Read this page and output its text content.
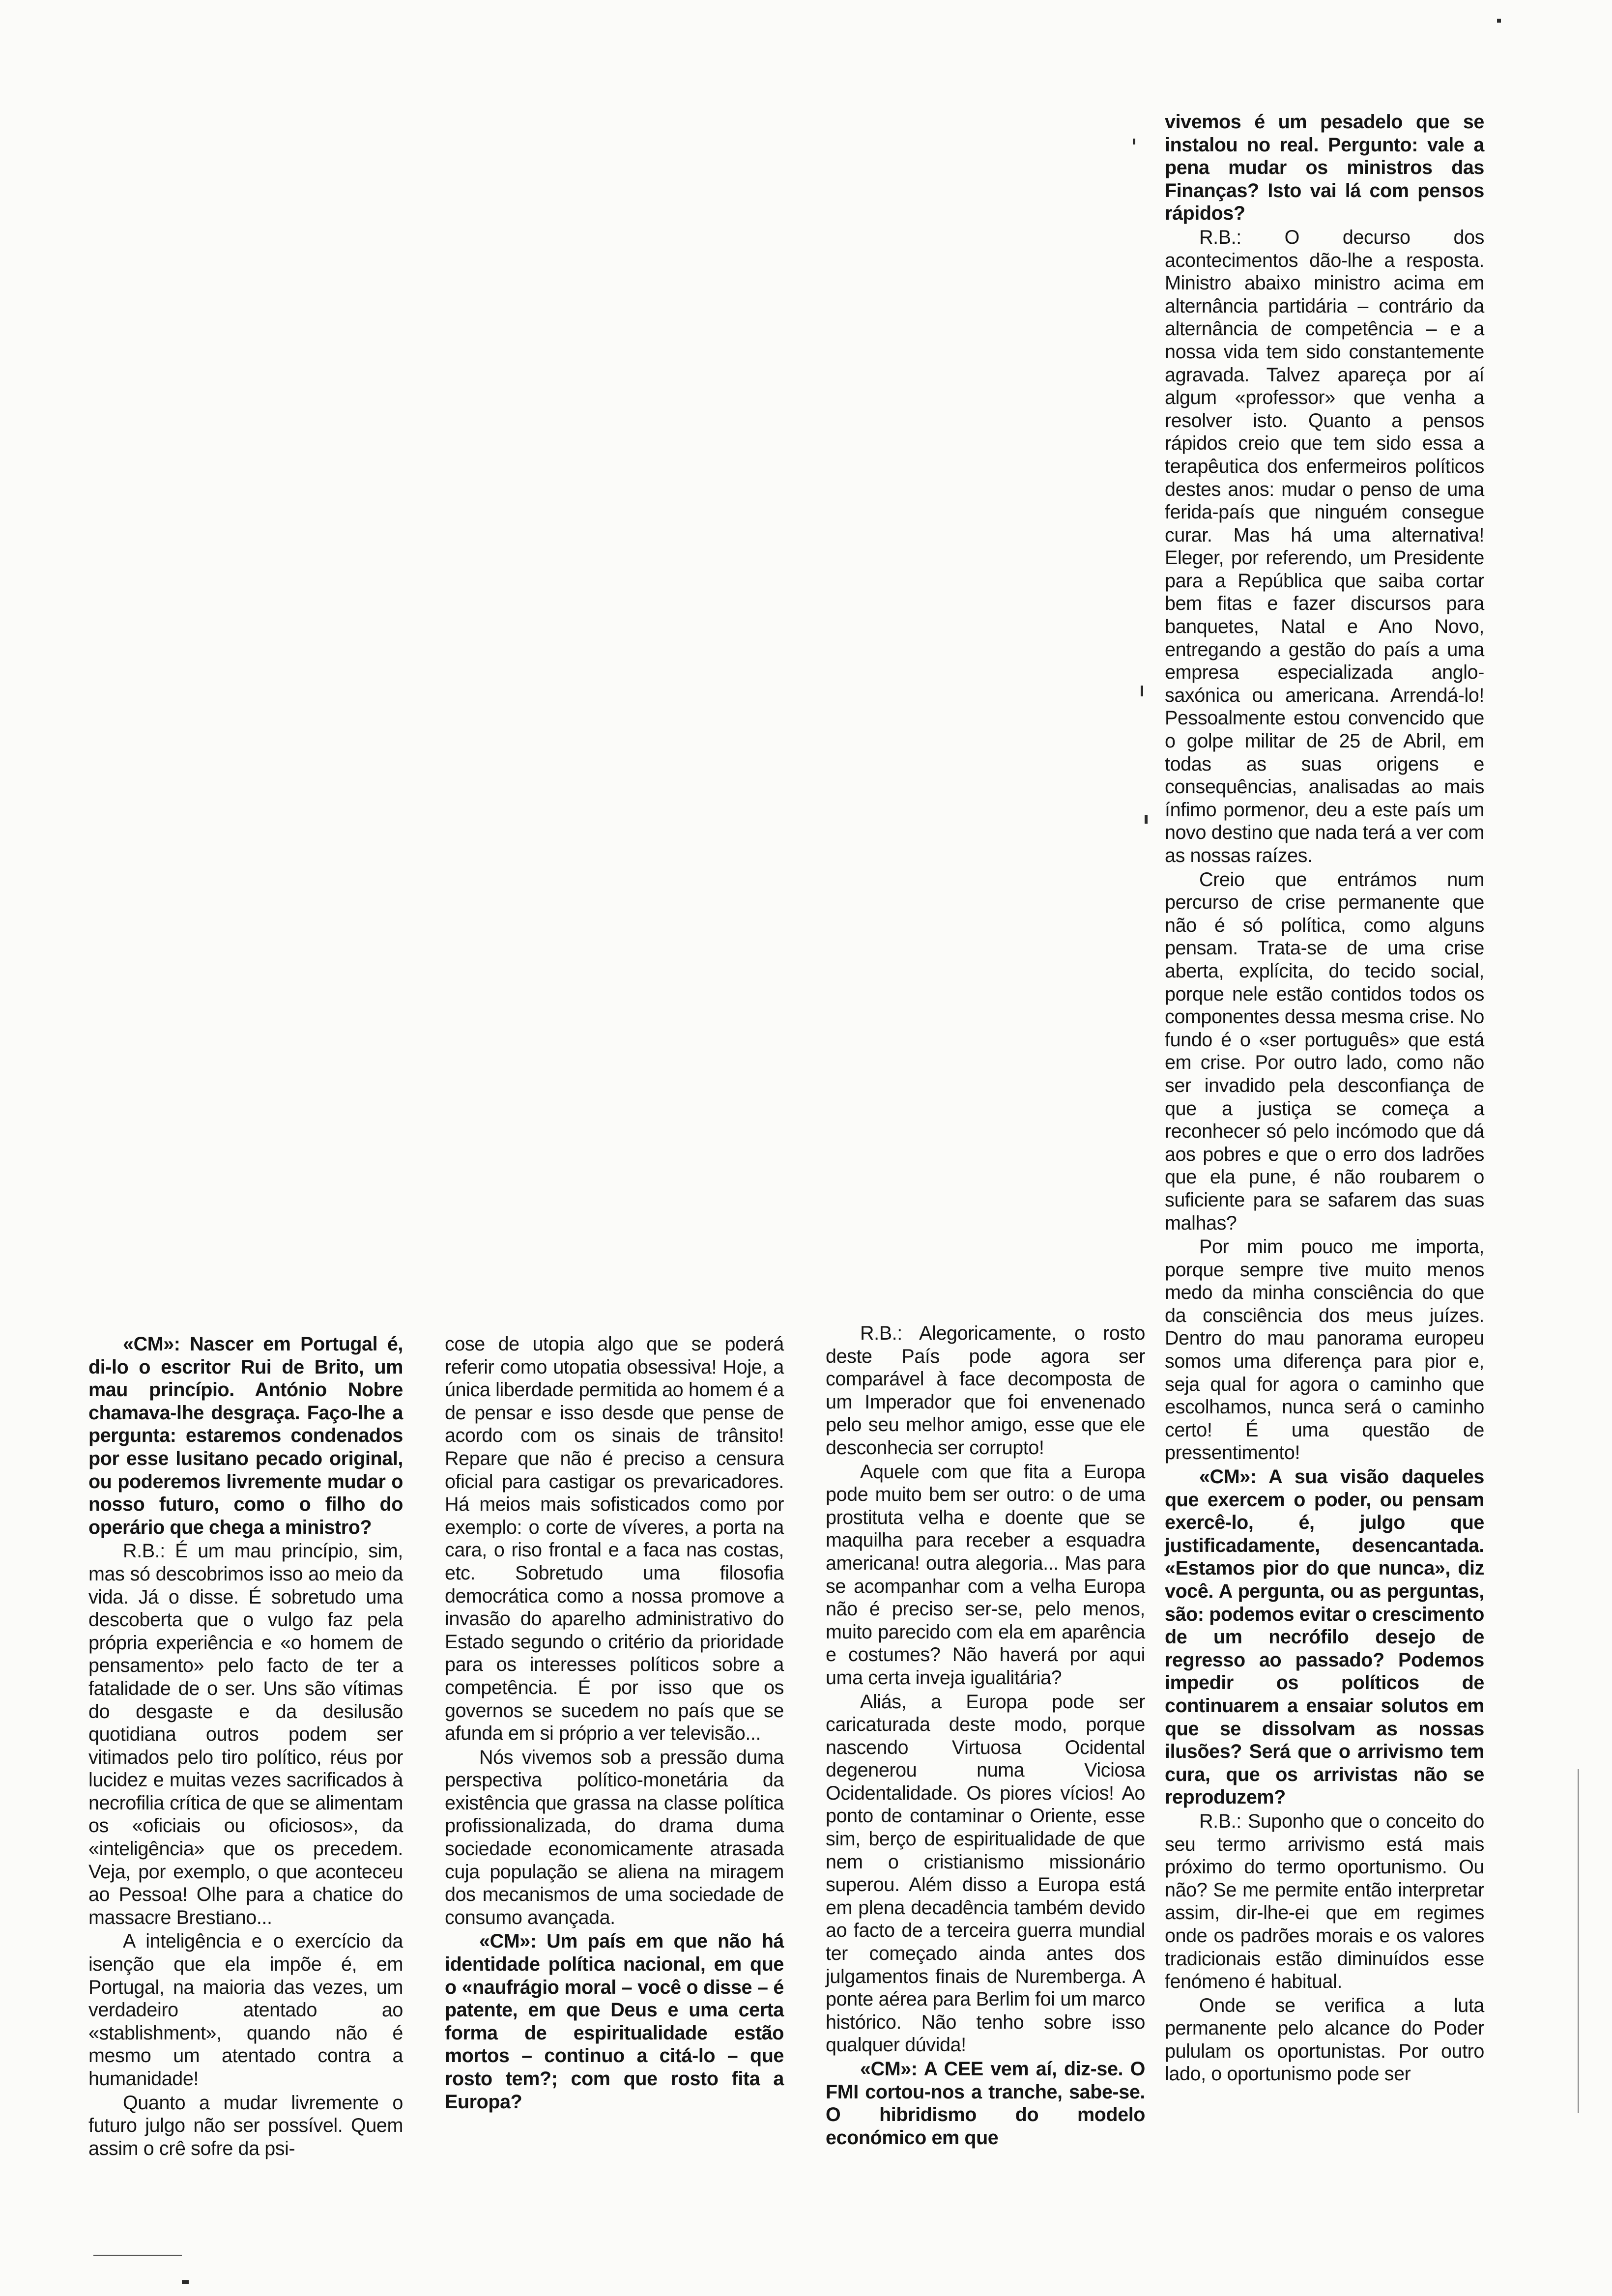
«CM»: Nascer em Portugal é, di-lo o escritor Rui de Brito, um mau princípio. António Nobre chamava-lhe desgraça. Faço-lhe a pergunta: estaremos condenados por esse lusitano pecado original, ou poderemos livremente mudar o nosso futuro, como o filho do operário que chega a ministro?

R.B.: É um mau princípio, sim, mas só descobrimos isso ao meio da vida. Já o disse. É sobretudo uma descoberta que o vulgo faz pela própria experiência e «o homem de pensamento» pelo facto de ter a fatalidade de o ser. Uns são vítimas do desgaste e da desilusão quotidiana outros podem ser vitimados pelo tiro político, réus por lucidez e muitas vezes sacrificados à necrofilia crítica de que se alimentam os «oficiais ou oficiosos», da «inteligência» que os precedem. Veja, por exemplo, o que aconteceu ao Pessoa! Olhe para a chatice do massacre Brestiano...

A inteligência e o exercício da isenção que ela impõe é, em Portugal, na maioria das vezes, um verdadeiro atentado ao «stablishment», quando não é mesmo um atentado contra a humanidade!

Quanto a mudar livremente o futuro julgo não ser possível. Quem assim o crê sofre da psi-

cose de utopia algo que se poderá referir como utopatia obsessiva! Hoje, a única liberdade permitida ao homem é a de pensar e isso desde que pense de acordo com os sinais de trânsito! Repare que não é preciso a censura oficial para castigar os prevaricadores. Há meios mais sofisticados como por exemplo: o corte de víveres, a porta na cara, o riso frontal e a faca nas costas, etc. Sobretudo uma filosofia democrática como a nossa promove a invasão do aparelho administrativo do Estado segundo o critério da prioridade para os interesses políticos sobre a competência. É por isso que os governos se sucedem no país que se afunda em si próprio a ver televisão...

Nós vivemos sob a pressão duma perspectiva político-monetária da existência que grassa na classe política profissionalizada, do drama duma sociedade economicamente atrasada cuja população se aliena na miragem dos mecanismos de uma sociedade de consumo avançada.

«CM»: Um país em que não há identidade política nacional, em que o «naufrágio moral – você o disse – é patente, em que Deus e uma certa forma de espiritualidade estão mortos – continuo a citá-lo – que rosto tem?; com que rosto fita a Europa?

R.B.: Alegoricamente, o rosto deste País pode agora ser comparável à face decomposta de um Imperador que foi envenenado pelo seu melhor amigo, esse que ele desconhecia ser corrupto!

Aquele com que fita a Europa pode muito bem ser outro: o de uma prostituta velha e doente que se maquilha para receber a esquadra americana! outra alegoria... Mas para se acompanhar com a velha Europa não é preciso ser-se, pelo menos, muito parecido com ela em aparência e costumes? Não haverá por aqui uma certa inveja igualitária?

Aliás, a Europa pode ser caricaturada deste modo, porque nascendo Virtuosa Ocidental degenerou numa Viciosa Ocidentalidade. Os piores vícios! Ao ponto de contaminar o Oriente, esse sim, berço de espiritualidade de que nem o cristianismo missionário superou. Além disso a Europa está em plena decadência também devido ao facto de a terceira guerra mundial ter começado ainda antes dos julgamentos finais de Nuremberga. A ponte aérea para Berlim foi um marco histórico. Não tenho sobre isso qualquer dúvida!

«CM»: A CEE vem aí, diz-se. O FMI cortou-nos a tranche, sabe-se. O hibridismo do modelo económico em que

vivemos é um pesadelo que se instalou no real. Pergunto: vale a pena mudar os ministros das Finanças? Isto vai lá com pensos rápidos?

R.B.: O decurso dos acontecimentos dão-lhe a resposta. Ministro abaixo ministro acima em alternância partidária – contrário da alternância de competência – e a nossa vida tem sido constantemente agravada. Talvez apareça por aí algum «professor» que venha a resolver isto. Quanto a pensos rápidos creio que tem sido essa a terapêutica dos enfermeiros políticos destes anos: mudar o penso de uma ferida-país que ninguém consegue curar. Mas há uma alternativa! Eleger, por referendo, um Presidente para a República que saiba cortar bem fitas e fazer discursos para banquetes, Natal e Ano Novo, entregando a gestão do país a uma empresa especializada anglo-saxónica ou americana. Arrendá-lo! Pessoalmente estou convencido que o golpe militar de 25 de Abril, em todas as suas origens e consequências, analisadas ao mais ínfimo pormenor, deu a este país um novo destino que nada terá a ver com as nossas raízes.

Creio que entrámos num percurso de crise permanente que não é só política, como alguns pensam. Trata-se de uma crise aberta, explícita, do tecido social, porque nele estão contidos todos os componentes dessa mesma crise. No fundo é o «ser português» que está em crise. Por outro lado, como não ser invadido pela desconfiança de que a justiça se começa a reconhecer só pelo incómodo que dá aos pobres e que o erro dos ladrões que ela pune, é não roubarem o suficiente para se safarem das suas malhas?

Por mim pouco me importa, porque sempre tive muito menos medo da minha consciência do que da consciência dos meus juízes. Dentro do mau panorama europeu somos uma diferença para pior e, seja qual for agora o caminho que escolhamos, nunca será o caminho certo! É uma questão de pressentimento!

«CM»: A sua visão daqueles que exercem o poder, ou pensam exercê-lo, é, julgo que justificadamente, desencantada. «Estamos pior do que nunca», diz você. A pergunta, ou as perguntas, são: podemos evitar o crescimento de um necrófilo desejo de regresso ao passado? Podemos impedir os políticos de continuarem a ensaiar solutos em que se dissolvam as nossas ilusões? Será que o arrivismo tem cura, que os arrivistas não se reproduzem?

R.B.: Suponho que o conceito do seu termo arrivismo está mais próximo do termo oportunismo. Ou não? Se me permite então interpretar assim, dir-lhe-ei que em regimes onde os padrões morais e os valores tradicionais estão diminuídos esse fenómeno é habitual.

Onde se verifica a luta permanente pelo alcance do Poder pululam os oportunistas. Por outro lado, o oportunismo pode ser
